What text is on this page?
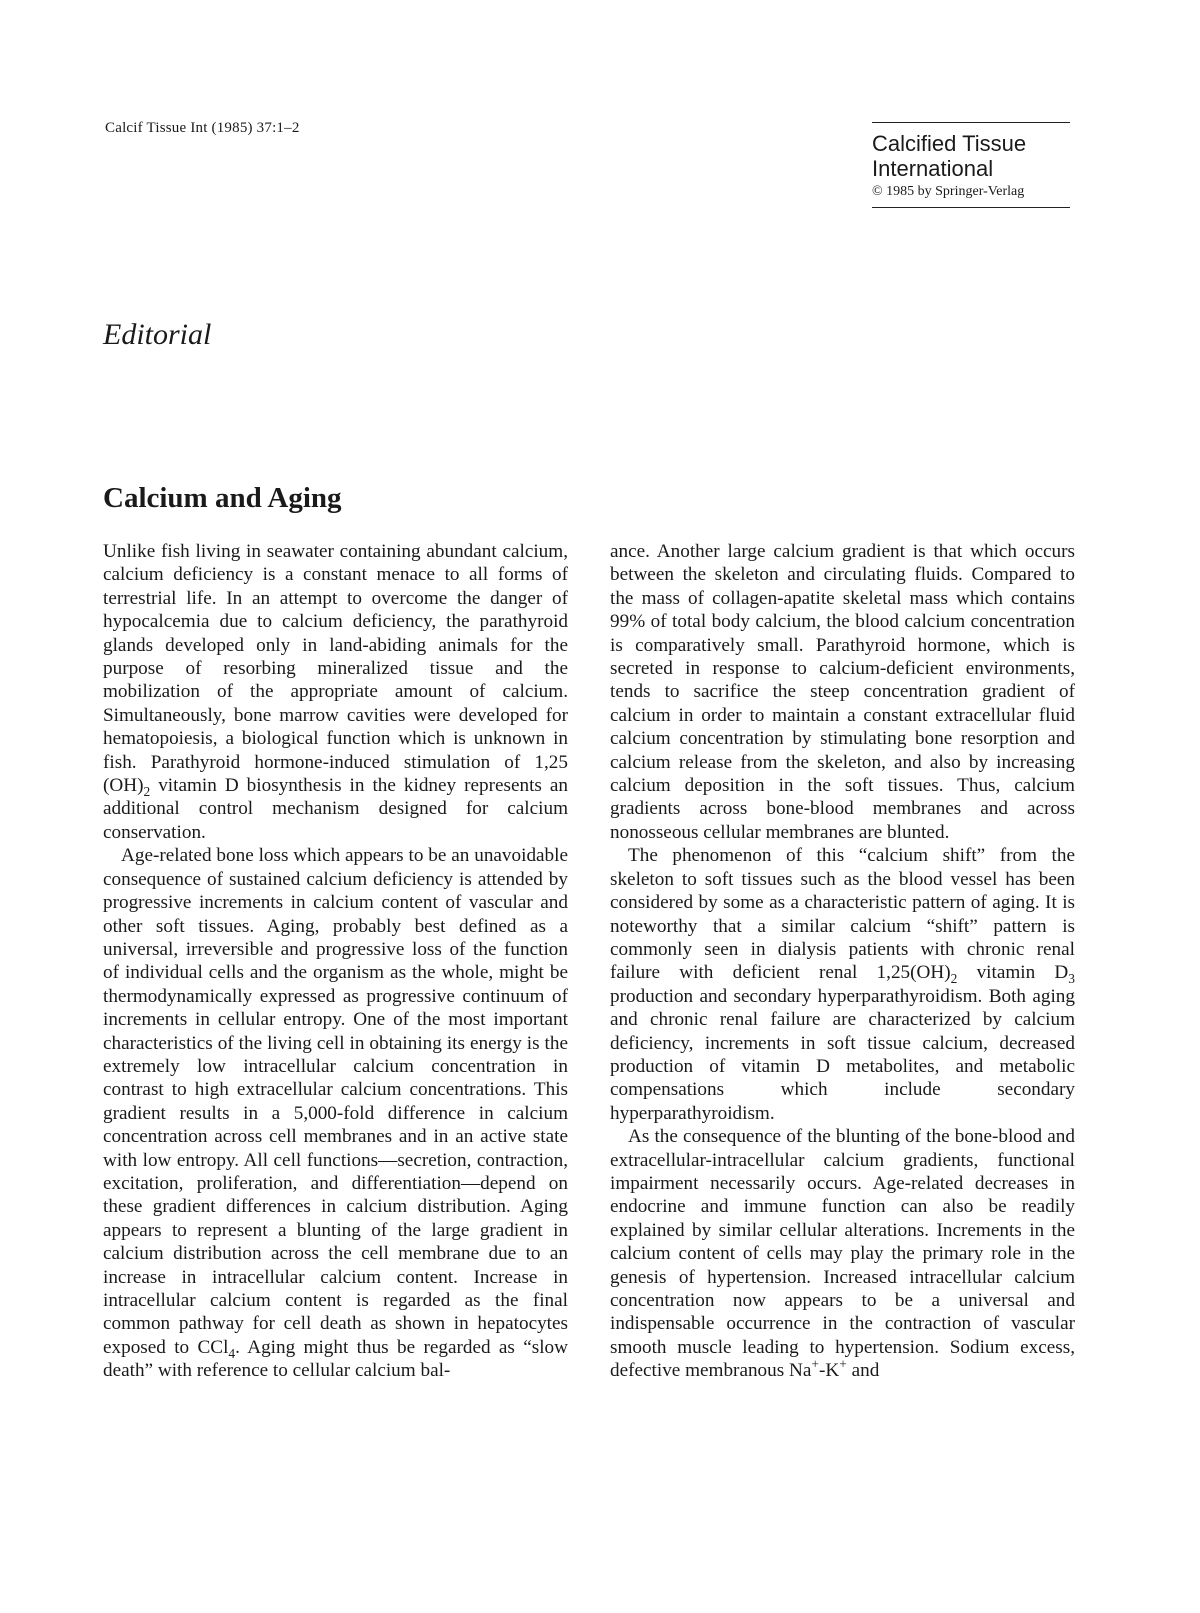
Calcif Tissue Int (1985) 37:1–2
Calcified Tissue
International
© 1985 by Springer-Verlag
Editorial
Calcium and Aging

Unlike fish living in seawater containing abundant calcium, calcium deficiency is a constant menace to all forms of terrestrial life. In an attempt to overcome the danger of hypocalcemia due to calcium deficiency, the parathyroid glands developed only in land-abiding animals for the purpose of resorbing mineralized tissue and the mobilization of the appropriate amount of calcium. Simultaneously, bone marrow cavities were developed for hematopoiesis, a biological function which is unknown in fish. Parathyroid hormone-induced stimulation of 1,25 $(OH)_2$ vitamin D biosynthesis in the kidney represents an additional control mechanism designed for calcium conservation.

Age-related bone loss which appears to be an unavoidable consequence of sustained calcium deficiency is attended by progressive increments in calcium content of vascular and other soft tissues. Aging, probably best defined as a universal, irreversible and progressive loss of the function of individual cells and the organism as the whole, might be thermodynamically expressed as progressive continuum of increments in cellular entropy. One of the most important characteristics of the living cell in obtaining its energy is the extremely low intracellular calcium concentration in contrast to high extracellular calcium concentrations. This gradient results in a 5,000-fold difference in calcium concentration across cell membranes and in an active state with low entropy. All cell functions—secretion, contraction, excitation, proliferation, and differentiation—depend on these gradient differences in calcium distribution. Aging appears to represent a blunting of the large gradient in calcium distribution across the cell membrane due to an increase in intracellular calcium content. Increase in intracellular calcium content is regarded as the final common pathway for cell death as shown in hepatocytes exposed to CCl$_4$. Aging might thus be regarded as “slow death” with reference to cellular calcium bal-

ance. Another large calcium gradient is that which occurs between the skeleton and circulating fluids. Compared to the mass of collagen-apatite skeletal mass which contains 99% of total body calcium, the blood calcium concentration is comparatively small. Parathyroid hormone, which is secreted in response to calcium-deficient environments, tends to sacrifice the steep concentration gradient of calcium in order to maintain a constant extracellular fluid calcium concentration by stimulating bone resorption and calcium release from the skeleton, and also by increasing calcium deposition in the soft tissues. Thus, calcium gradients across bone-blood membranes and across nonosseous cellular membranes are blunted.

The phenomenon of this “calcium shift” from the skeleton to soft tissues such as the blood vessel has been considered by some as a characteristic pattern of aging. It is noteworthy that a similar calcium “shift” pattern is commonly seen in dialysis patients with chronic renal failure with deficient renal $1,25(OH)_2$ vitamin $D_3$ production and secondary hyperparathyroidism. Both aging and chronic renal failure are characterized by calcium deficiency, increments in soft tissue calcium, decreased production of vitamin D metabolites, and metabolic compensations which include secondary hyperparathyroidism.

As the consequence of the blunting of the bone-blood and extracellular-intracellular calcium gradients, functional impairment necessarily occurs. Age-related decreases in endocrine and immune function can also be readily explained by similar cellular alterations. Increments in the calcium content of cells may play the primary role in the genesis of hypertension. Increased intracellular calcium concentration now appears to be a universal and indispensable occurrence in the contraction of vascular smooth muscle leading to hypertension. Sodium excess, defective membranous Na+-K+ and
